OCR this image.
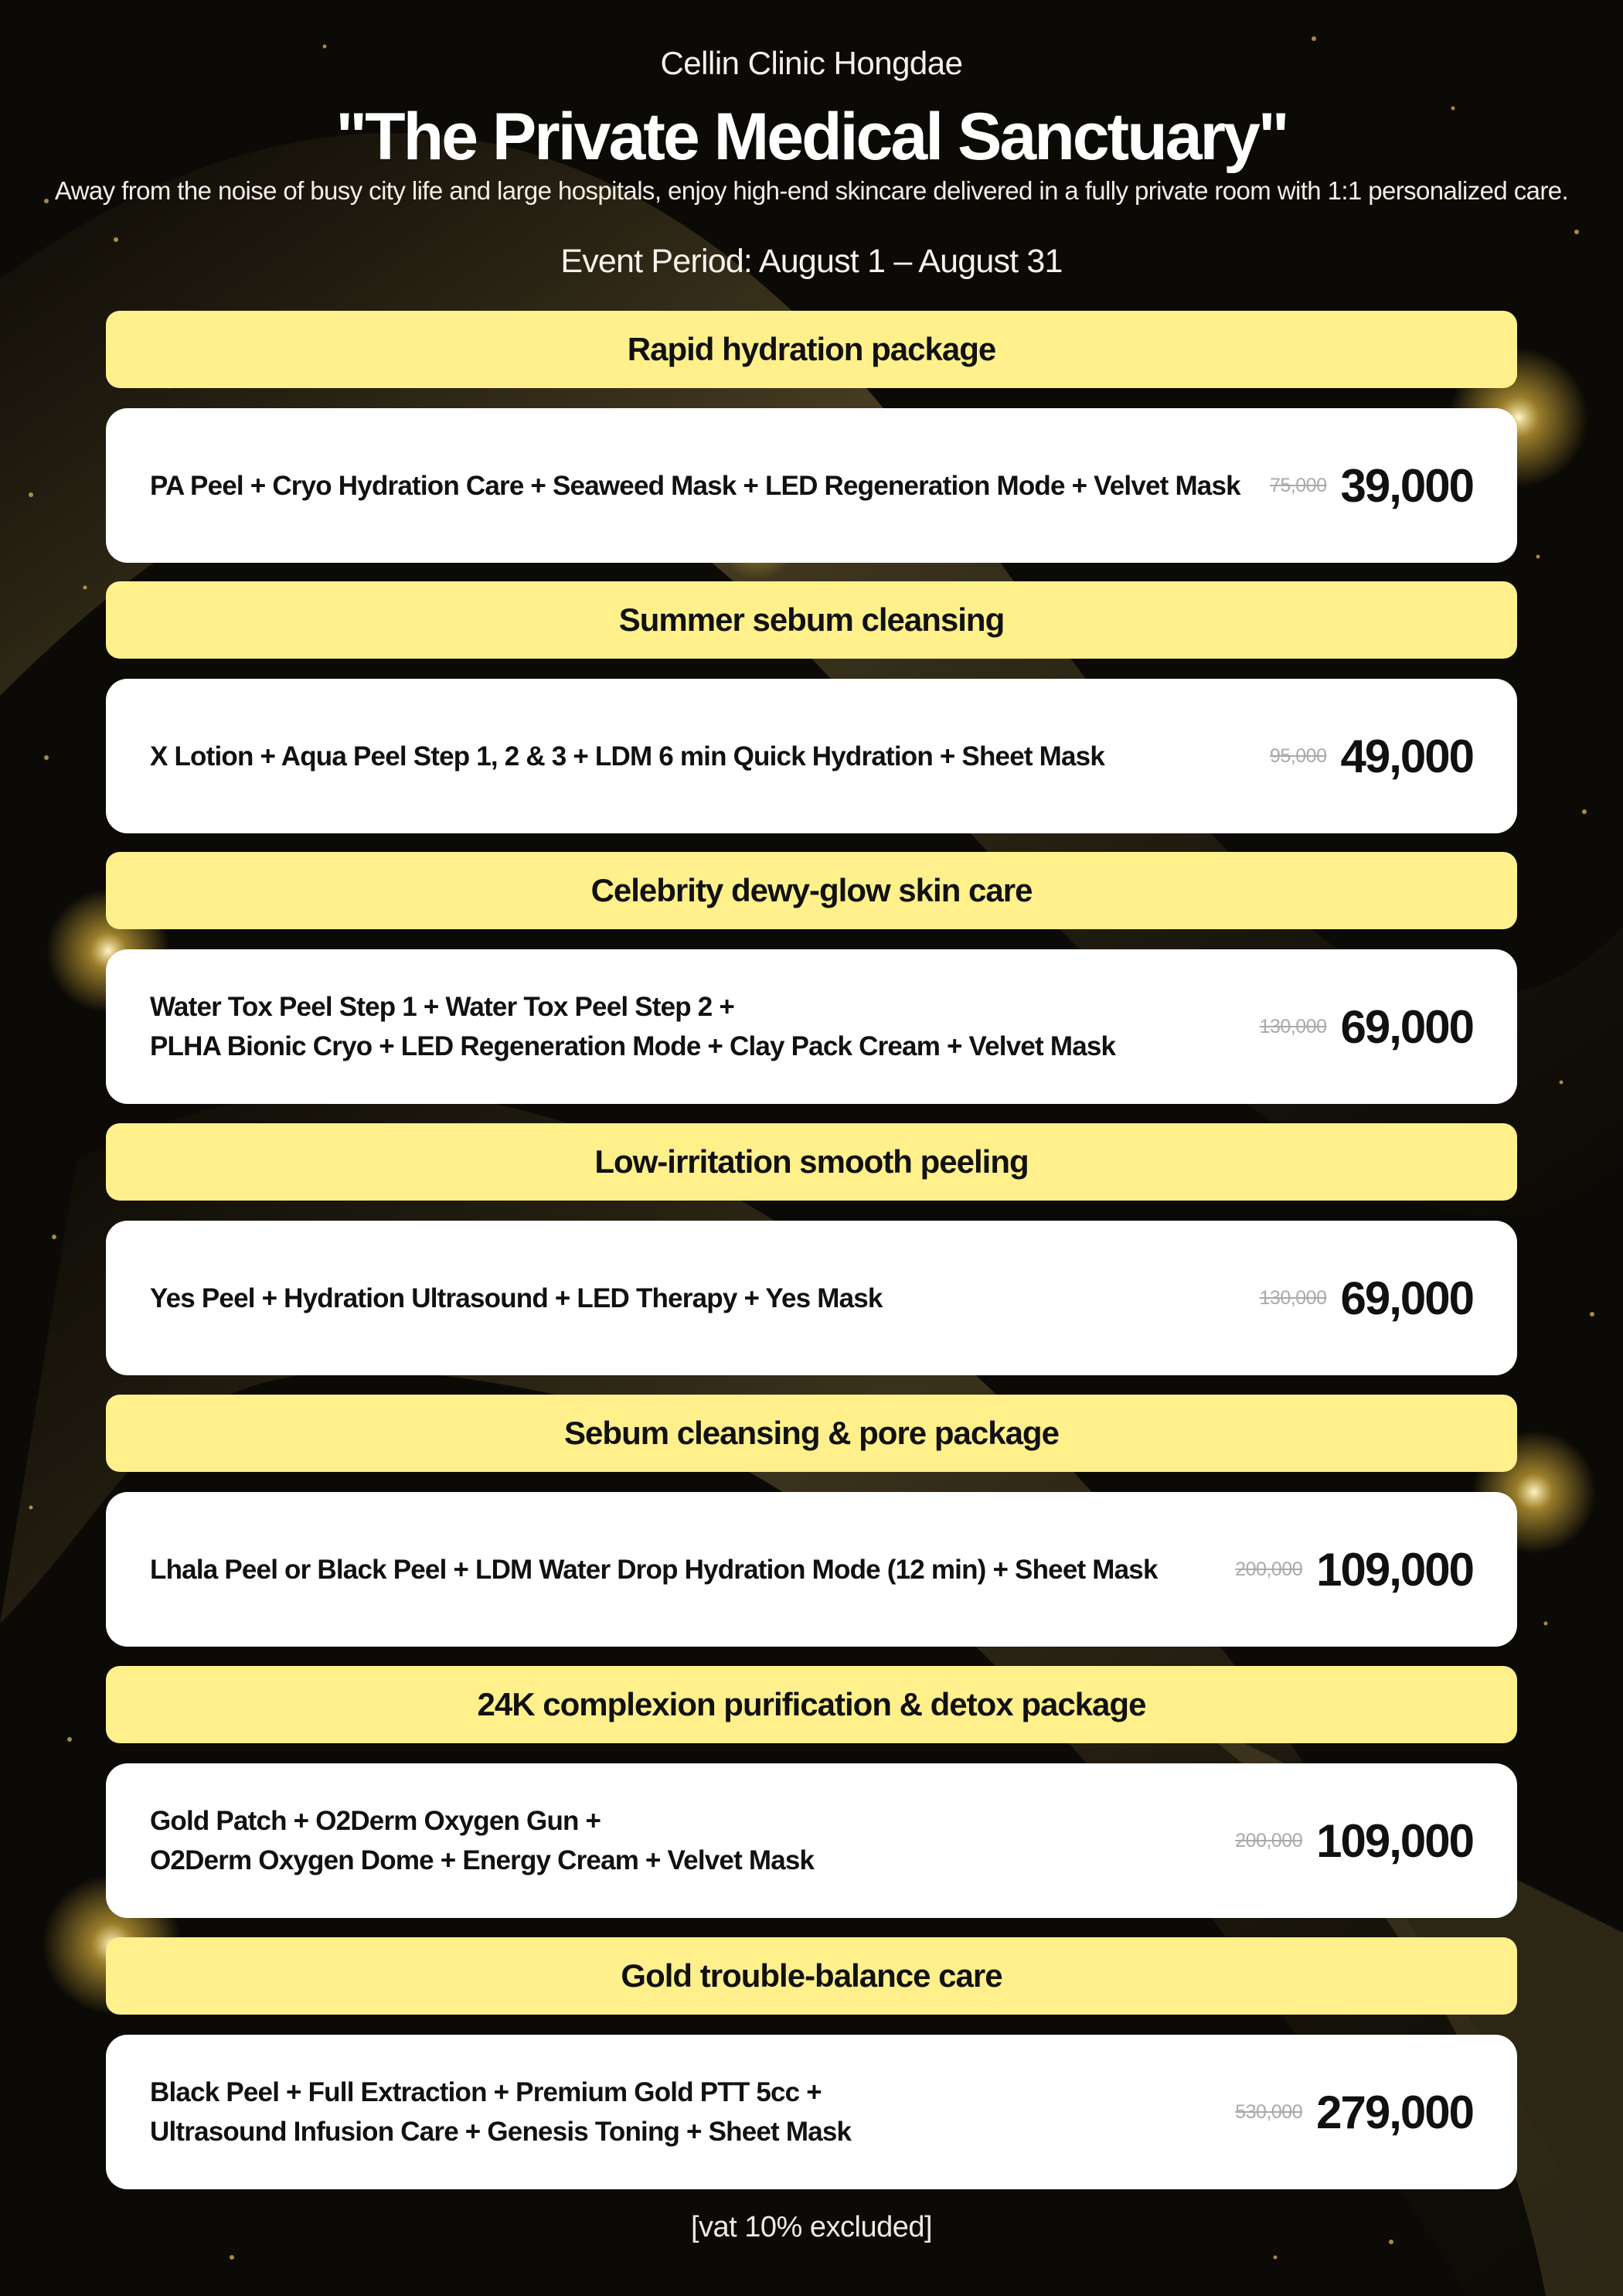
Cellin Clinic Hongdae
"The Private Medical Sanctuary"
Away from the noise of busy city life and large hospitals, enjoy high-end skincare delivered in a fully private room with 1:1 personalized care.
Event Period: August 1 – August 31
Rapid hydration package
PA Peel + Cryo Hydration Care + Seaweed Mask + LED Regeneration Mode + Velvet Mask 75,000 39,000
Summer sebum cleansing
X Lotion + Aqua Peel Step 1, 2 & 3 + LDM 6 min Quick Hydration + Sheet Mask	95,000 49,000
Celebrity dewy-glow skin care
Water Tox Peel Step 1 + Water Tox Peel Step 2 +
PLHA Bionic Cryo + LED Regeneration Mode + Clay Pack Cream + Velvet Mask
130,000 69,000
Low-irritation smooth peeling
Yes Peel + Hydration Ultrasound + LED Therapy + Yes Mask	130,000 69,000
Sebum cleansing & pore package
Lhala Peel or Black Peel + LDM Water Drop Hydration Mode (12 min) + Sheet Mask	200,000 109,000
24K complexion purification & detox package
Gold Patch + O2Derm Oxygen Gun +
O2Derm Oxygen Dome + Energy Cream + Velvet Mask
200,000 109,000
Gold trouble-balance care
Black Peel + Full Extraction + Premium Gold PTT 5cc +
Ultrasound Infusion Care + Genesis Toning + Sheet Mask
530,000 279,000
[vat 10% excluded]
